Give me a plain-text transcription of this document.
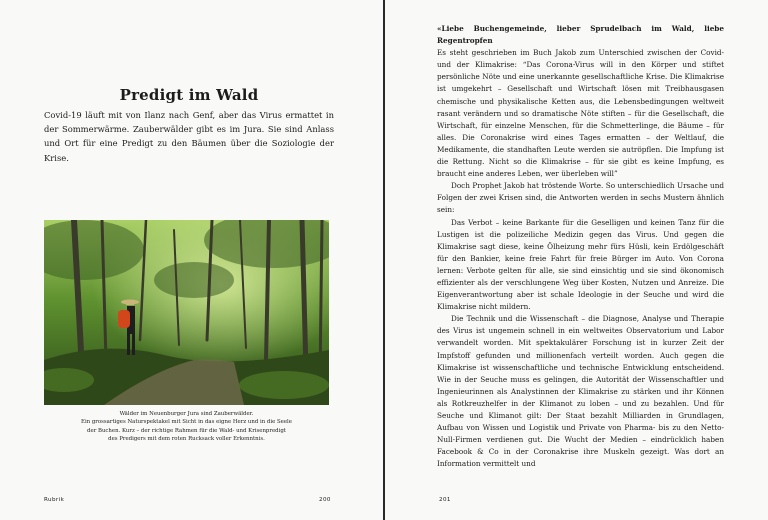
Predigt im Wald
Covid-19 läuft mit von Ilanz nach Genf, aber das Virus ermattet in der Sommerwärme. Zauberwälder gibt es im Jura. Sie sind Anlass und Ort für eine Predigt zu den Bäumen über die Soziologie der Krise.
Wälder im Neuenburger Jura sind Zauberwälder.
Ein grossartiges Naturspektakel mit Sicht in das eigne Herz und in die Seele
der Buchen. Kurz – der richtige Rahmen für die Wald- und Krisenpredigt
des Predigers mit dem roten Rucksack voller Erkenntnis.
Rubrik	200	201

«Liebe Buchengemeinde, lieber Sprudelbach im Wald, liebe Regentropfen

Es steht geschrieben im Buch Jakob zum Unterschied zwischen der Covid- und der Klimakrise: “Das Corona-Virus will in den Körper und stiftet persönliche Nöte und eine unerkannte gesellschaftliche Krise. Die Klimakrise ist umgekehrt – Gesellschaft und Wirtschaft lösen mit Treibhausgasen chemische und physikalische Ketten aus, die Lebensbedingungen weltweit rasant verändern und so dramatische Nöte stiften – für die Gesellschaft, die Wirtschaft, für einzelne Menschen, für die Schmetterlinge, die Bäume – für alles. Die Coronakrise wird eines Tages ermatten – der Weltlauf, die Medikamente, die standhaften Leute werden sie autröpflen. Die Impfung ist die Rettung. Nicht so die Klimakrise – für sie gibt es keine Impfung, es braucht eine anderes Leben, wer überleben will”

Doch Prophet Jakob hat tröstende Worte. So unterschiedlich Ursache und Folgen der zwei Krisen sind, die Antworten werden in sechs Mustern ähnlich sein:

Das Verbot – keine Barkante für die Geselligen und keinen Tanz für die Lustigen ist die polizeiliche Medizin gegen das Virus. Und gegen die Klimakrise sagt diese, keine Ölheizung mehr fürs Hüsli, kein Erdölgeschäft für den Bankier, keine freie Fahrt für freie Bürger im Auto. Von Corona lernen: Verbote gelten für alle, sie sind einsichtig und sie sind ökonomisch effizienter als der verschlungene Weg über Kosten, Nutzen und Anreize. Die Eigenverantwortung aber ist schale Ideologie in der Seuche und wird die Klimakrise nicht mildern.

Die Technik und die Wissenschaft – die Diagnose, Analyse und Therapie des Virus ist ungemein schnell in ein weltweites Observatorium und Labor verwandelt worden. Mit spektakulärer Forschung ist in kurzer Zeit der Impfstoff gefunden und millionenfach verteilt worden. Auch gegen die Klimakrise ist wissenschaftliche und technische Entwicklung entscheidend. Wie in der Seuche muss es gelingen, die Autorität der Wissenschaftler und Ingenieurinnen als Analystinnen der Klimakrise zu stärken und ihr Können als Rotkreuzhelfer in der Klimanot zu loben – und zu bezahlen. Und für Seuche und Klimanot gilt: Der Staat bezahlt Milliarden in Grundlagen, Aufbau von Wissen und Logistik und Private von Pharma- bis zu den Netto-Null-Firmen verdienen gut. Die Wucht der Medien – eindrücklich haben Facebook & Co in der Coronakrise ihre Muskeln gezeigt. Was dort an Information vermittelt und
